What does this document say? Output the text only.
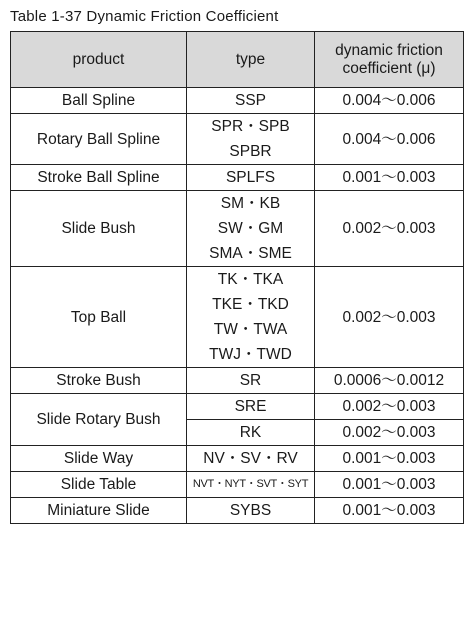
Table 1-37 Dynamic Friction Coefficient
product	type	dynamic friction
coefficient (μ)

Ball Spline	SSP	0.004～0.006
Rotary Ball Spline	SPR・SPB
SPBR	0.004～0.006
Stroke Ball Spline	SPLFS	0.001～0.003
Slide Bush	SM・KB
SW・GM
SMA・SME	0.002～0.003
Top Ball	TK・TKA
TKE・TKD
TW・TWA
TWJ・TWD	0.002～0.003
Stroke Bush	SR	0.0006～0.0012
Slide Rotary Bush	SRE	0.002～0.003
	RK	0.002～0.003
Slide Way	NV・SV・RV	0.001～0.003
Slide Table	NVT・NYT・SVT・SYT	0.001～0.003
Miniature Slide	SYBS	0.001～0.003
